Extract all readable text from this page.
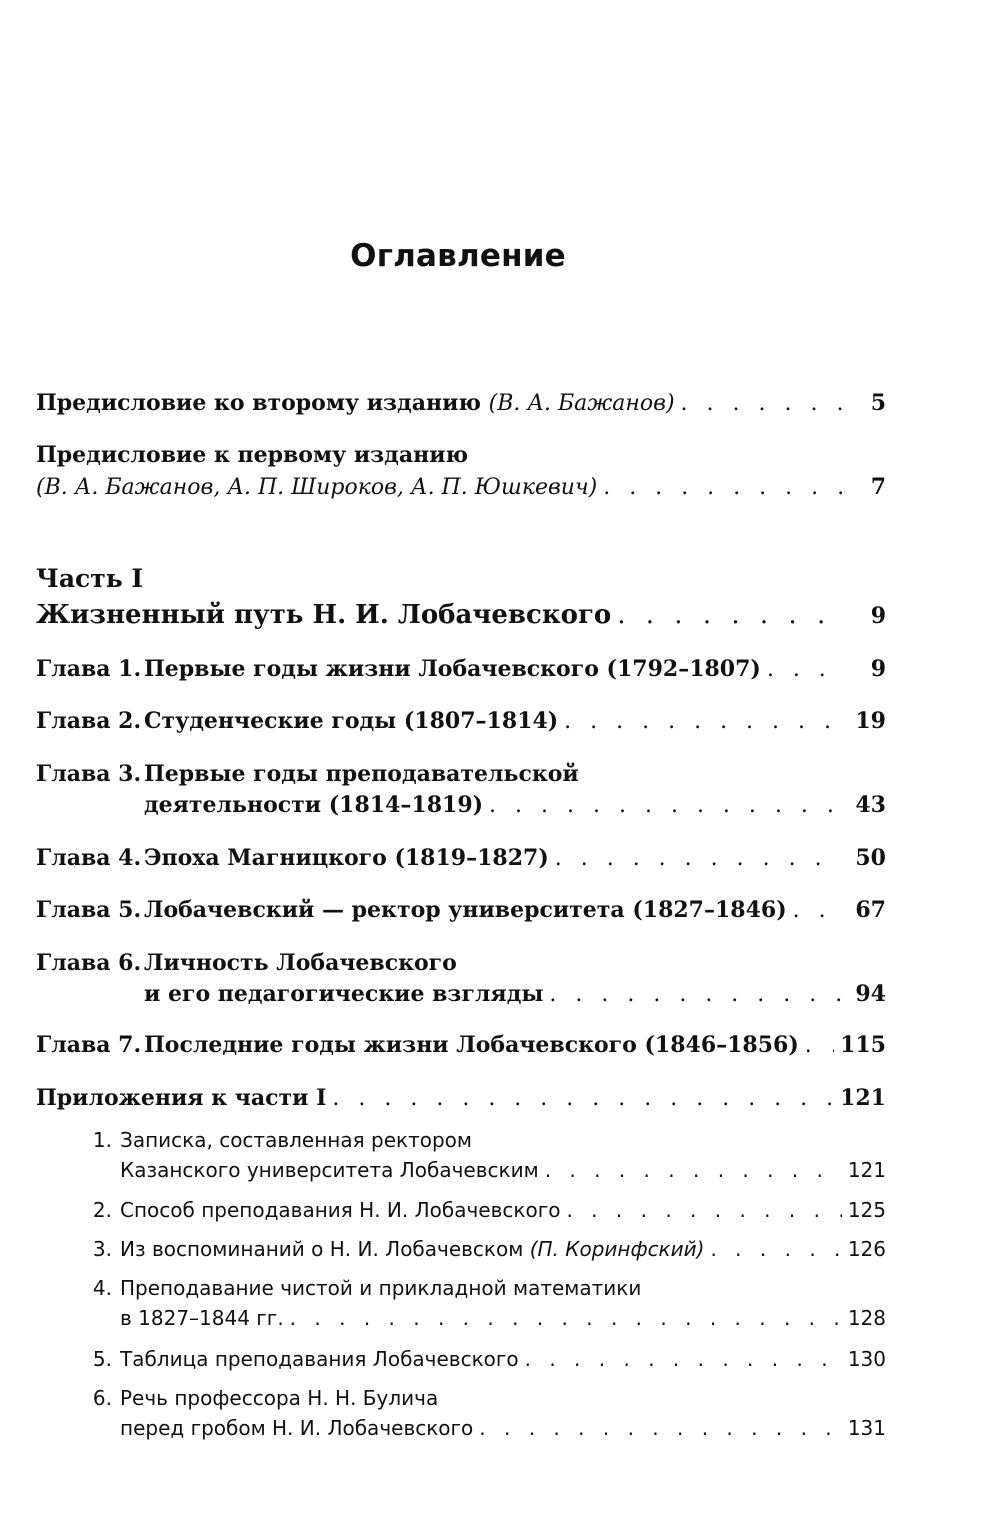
Оглавление
Предисловие ко второму изданию (В. А. Бажанов) . . .	5
Предисловие к первому изданию
(В. А. Бажанов, А. П. Широков, А. П. Юшкевич) . . .	7
Часть I
Жизненный путь Н. И. Лобачевского . . .	9
Глава 1. Первые годы жизни Лобачевского (1792–1807) . . .	9
Глава 2. Студенческие годы (1807–1814) . . .	19
Глава 3. Первые годы преподавательской
деятельности (1814–1819) . . .	43
Глава 4. Эпоха Магницкого (1819–1827) . . .	50
Глава 5. Лобачевский — ректор университета (1827–1846) . . .	67
Глава 6. Личность Лобачевского
и его педагогические взгляды . . .	94
Глава 7. Последние годы жизни Лобачевского (1846–1856) . . . 115
Приложения к части I . . .	121
1. Записка, составленная ректором
Казанского университета Лобачевским . . .	121
2. Способ преподавания Н. И. Лобачевского . . .	125
3. Из воспоминаний о Н. И. Лобачевском (П. Коринфский) . . .	126
4. Преподавание чистой и прикладной математики
в 1827–1844 гг. . . .	128
5. Таблица преподавания Лобачевского . . .	130
6. Речь профессора Н. Н. Булича
перед гробом Н. И. Лобачевского . . .	131
